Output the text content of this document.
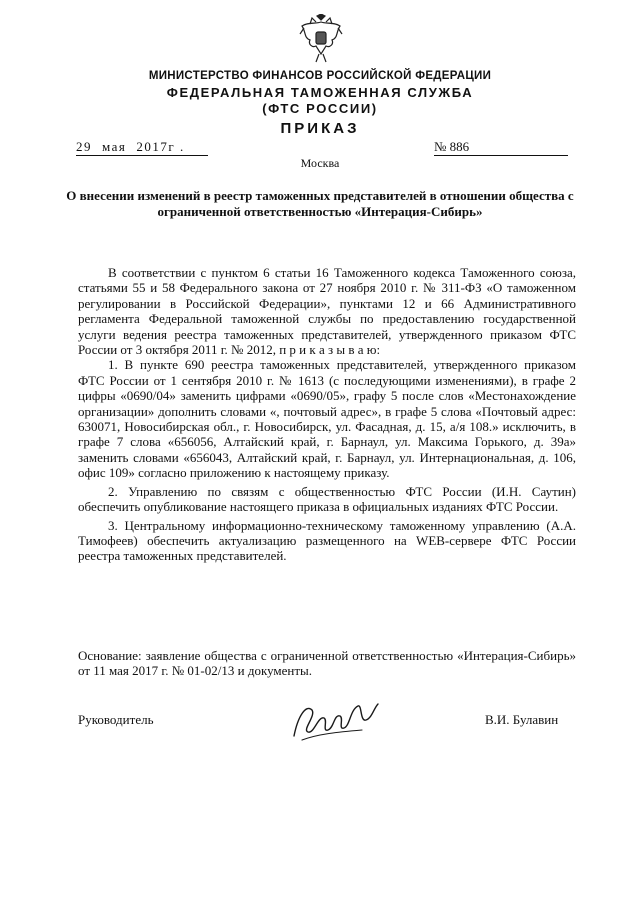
МИНИСТЕРСТВО ФИНАНСОВ РОССИЙСКОЙ ФЕДЕРАЦИИ
ФЕДЕРАЛЬНАЯ ТАМОЖЕННАЯ СЛУЖБА
(ФТС РОССИИ)
ПРИКАЗ
29 мая 2017г .	№ 886
Москва
О внесении изменений в реестр таможенных представителей в отношении общества с ограниченной ответственностью «Интерация-Сибирь»

В соответствии с пунктом 6 статьи 16 Таможенного кодекса Таможенного союза, статьями 55 и 58 Федерального закона от 27 ноября 2010 г. № 311-ФЗ «О таможенном регулировании в Российской Федерации», пунктами 12 и 66 Административного регламента Федеральной таможенной службы по предоставлению государственной услуги ведения реестра таможенных представителей, утвержденного приказом ФТС России от 3 октября 2011 г. № 2012, п р и к а з ы в а ю:

1. В пункте 690 реестра таможенных представителей, утвержденного приказом ФТС России от 1 сентября 2010 г. № 1613 (с последующими изменениями), в графе 2 цифры «0690/04» заменить цифрами «0690/05», графу 5 после слов «Местонахождение организации» дополнить словами «, почтовый адрес», в графе 5 слова «Почтовый адрес: 630071, Новосибирская обл., г. Новосибирск, ул. Фасадная, д. 15, а/я 108.» исключить, в графе 7 слова «656056, Алтайский край, г. Барнаул, ул. Максима Горького, д. 39а» заменить словами «656043, Алтайский край, г. Барнаул, ул. Интернациональная, д. 106, офис 109» согласно приложению к настоящему приказу.

2. Управлению по связям с общественностью ФТС России (И.Н. Саутин) обеспечить опубликование настоящего приказа в официальных изданиях ФТС России.

3. Центральному информационно-техническому таможенному управлению (А.А. Тимофеев) обеспечить актуализацию размещенного на WEB-сервере ФТС России реестра таможенных представителей.

Основание: заявление общества с ограниченной ответственностью «Интерация-Сибирь» от 11 мая 2017 г. № 01-02/13 и документы.
Руководитель	В.И. Булавин
